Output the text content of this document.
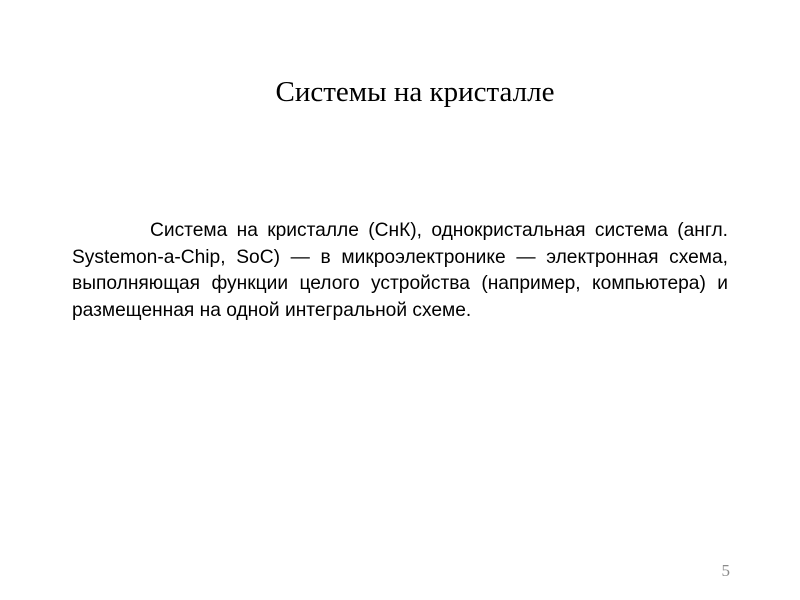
Системы на кристалле

Система на кристалле (СнК), однокристальная система (англ. Systemon-a-Chip, SoC) — в микроэлектронике — электронная схема, выполняющая функции целого устройства (например, компьютера) и размещенная на одной интегральной схеме.

5
